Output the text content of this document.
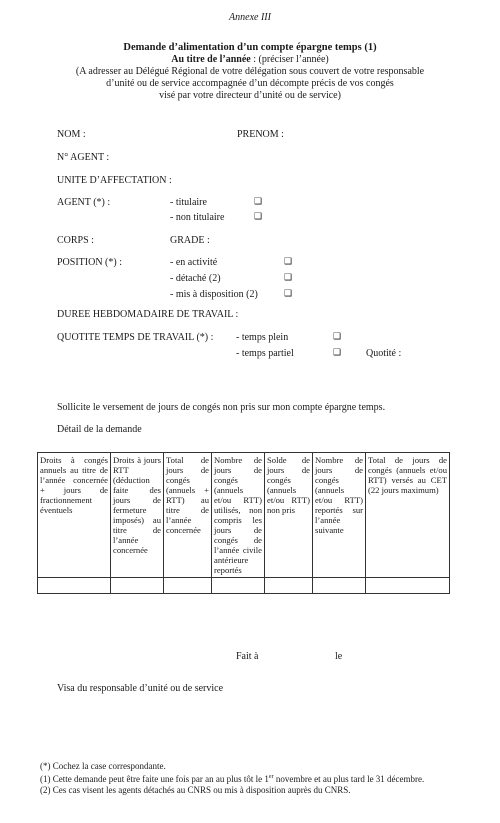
Annexe III
Demande d’alimentation d’un compte épargne temps (1)
Au titre de l’année : (préciser l’année)
(A adresser au Délégué Régional de votre délégation sous couvert de votre responsable
d’unité ou de service accompagnée d’un décompte précis de vos congés
visé par votre directeur d’unité ou de service)
NOM :	PRENOM :
N° AGENT :
UNITE D’AFFECTATION :
AGENT (*) :	- titulaire	❑
- non titulaire	❑
CORPS :	GRADE :
POSITION (*) :	- en activité	❑
- détaché (2)	❑
- mis à disposition (2)	❑
DUREE HEBDOMADAIRE DE TRAVAIL :
QUOTITE TEMPS DE TRAVAIL (*) : - temps plein	❑
- temps partiel	❑ Quotité :
Sollicite le versement de jours de congés non pris sur mon compte épargne temps.
Détail de la demande
Droits à congés annuels au titre de l’année concernée + jours de fractionnement éventuels	Droits à jours RTT (déduction faite des jours de fermeture imposés) au titre de l’année concernée	Total de jours de congés (annuels + RTT) au titre de l’année concernée	Nombre de jours de congés (annuels et/ou RTT) utilisés, non compris les jours de congés de l’année civile antérieure reportés	Solde de jours de congés (annuels et/ou RTT) non pris	Nombre de jours de congés (annuels et/ou RTT) reportés sur l’année suivante	Total de jours de congés (annuels et/ou RTT) versés au CET (22 jours maximum)

Fait à	le
Visa du responsable d’unité ou de service
(*) Cochez la case correspondante.
(1) Cette demande peut être faite une fois par an au plus tôt le 1er novembre et au plus tard le 31 décembre.
(2) Ces cas visent les agents détachés au CNRS ou mis à disposition auprès du CNRS.
